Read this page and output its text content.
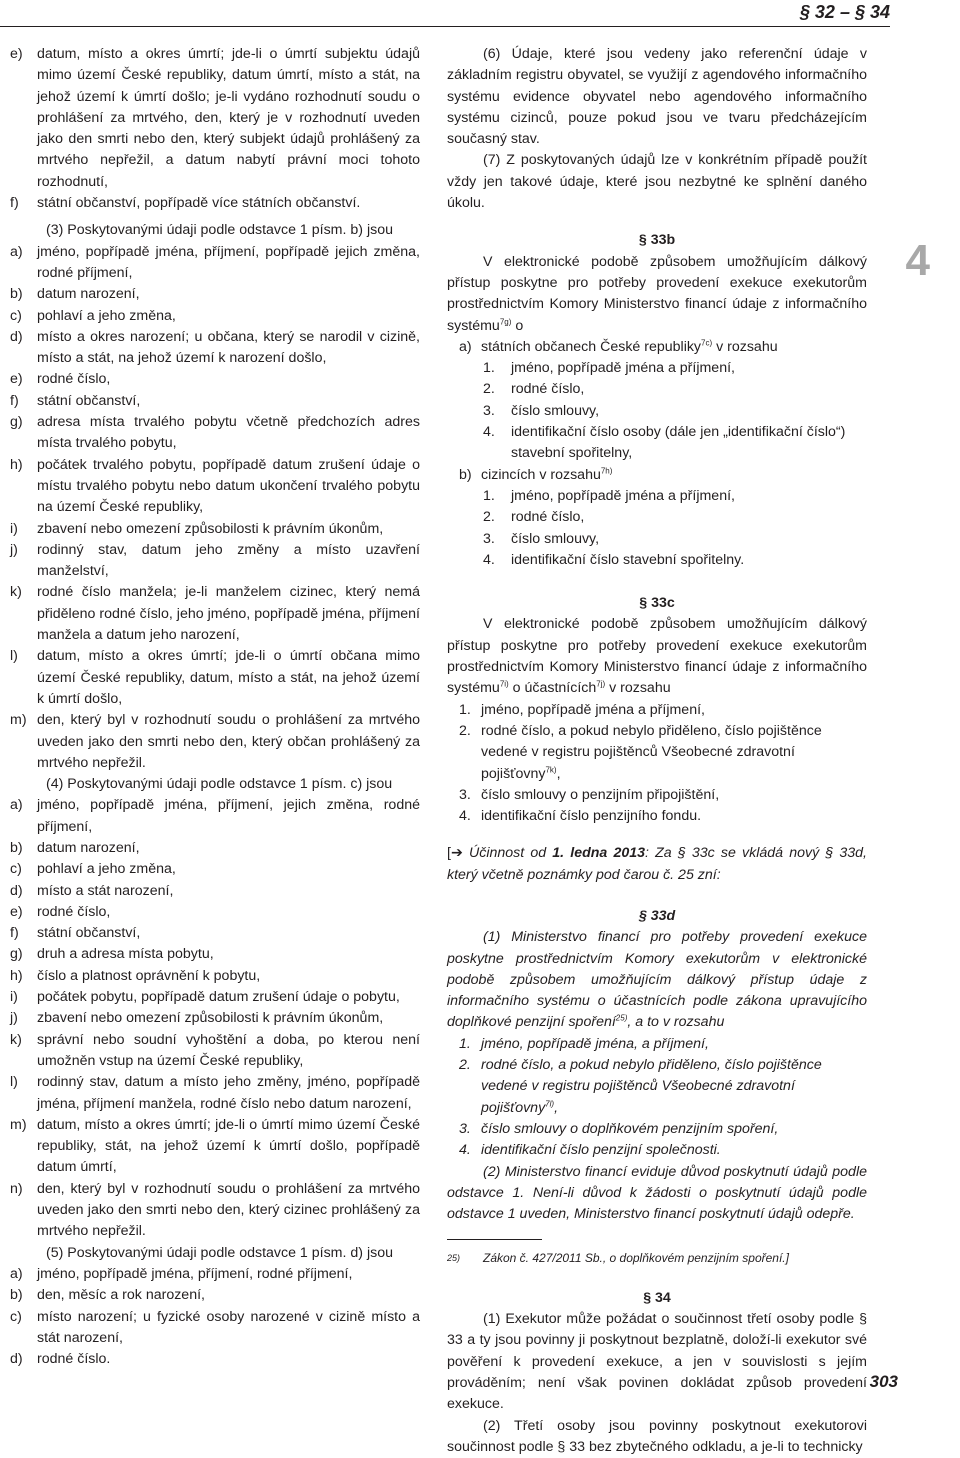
§ 32 – § 34
4
e)	datum, místo a okres úmrtí; jde-li o úmrtí subjektu údajů mimo území České republiky, datum úmrtí, místo a stát, na jehož území k úmrtí došlo; je-li vydáno rozhodnutí soudu o prohlášení za mrtvého, den, který je v rozhodnutí uveden jako den smrti nebo den, který subjekt údajů prohlášený za mrtvého nepřežil, a datum nabytí právní moci tohoto rozhodnutí,
f)	státní občanství, popřípadě více státních občanství.
(3) Poskytovanými údaji podle odstavce 1 písm. b) jsou
a)	jméno, popřípadě jména, příjmení, popřípadě jejich změna, rodné příjmení,
b)	datum narození,
c)	pohlaví a jeho změna,
d)	místo a okres narození; u občana, který se narodil v cizině, místo a stát, na jehož území k narození došlo,
e)	rodné číslo,
f)	státní občanství,
g)	adresa místa trvalého pobytu včetně předchozích adres místa trvalého pobytu,
h)	počátek trvalého pobytu, popřípadě datum zrušení údaje o místu trvalého pobytu nebo datum ukončení trvalého pobytu na území České republiky,
i)	zbavení nebo omezení způsobilosti k právním úkonům,
j)	rodinný stav, datum jeho změny a místo uzavření manželství,
k)	rodné číslo manžela; je-li manželem cizinec, který nemá přiděleno rodné číslo, jeho jméno, popřípadě jména, příjmení manžela a datum jeho narození,
l)	datum, místo a okres úmrtí; jde-li o úmrtí občana mimo území České republiky, datum, místo a stát, na jehož území k úmrtí došlo,
m) den, který byl v rozhodnutí soudu o prohlášení za mrtvého uveden jako den smrti nebo den, který občan prohlášený za mrtvého nepřežil.
(4) Poskytovanými údaji podle odstavce 1 písm. c) jsou
a)	jméno, popřípadě jména, příjmení, jejich změna, rodné příjmení,
b)	datum narození,
c)	pohlaví a jeho změna,
d)	místo a stát narození,
e)	rodné číslo,
f)	státní občanství,
g)	druh a adresa místa pobytu,
h)	číslo a platnost oprávnění k pobytu,
i)	počátek pobytu, popřípadě datum zrušení údaje o pobytu,
j)	zbavení nebo omezení způsobilosti k právním úkonům,
k)	správní nebo soudní vyhoštění a doba, po kterou není umožněn vstup na území České republiky,
l)	rodinný stav, datum a místo jeho změny, jméno, popřípadě jména, příjmení manžela, rodné číslo nebo datum narození,
m) datum, místo a okres úmrtí; jde-li o úmrtí mimo území České republiky, stát, na jehož území k úmrtí došlo, popřípadě datum úmrtí,
n)	den, který byl v rozhodnutí soudu o prohlášení za mrtvého uveden jako den smrti nebo den, který cizinec prohlášený za mrtvého nepřežil.
(5) Poskytovanými údaji podle odstavce 1 písm. d) jsou
a)	jméno, popřípadě jména, příjmení, rodné příjmení,
b)	den, měsíc a rok narození,
c)	místo narození; u fyzické osoby narozené v cizině místo a stát narození,
d)	rodné číslo.
(6) Údaje, které jsou vedeny jako referenční údaje v základním registru obyvatel, se využijí z agendového informačního systému evidence obyvatel nebo agendového informačního systému cizinců, pouze pokud jsou ve tvaru předcházejícím současný stav.
(7) Z poskytovaných údajů lze v konkrétním případě použít vždy jen takové údaje, které jsou nezbytné ke splnění daného úkolu.
§ 33b
V elektronické podobě způsobem umožňujícím dálkový přístup poskytne pro potřeby provedení exekuce exekutorům prostřednictvím Komory Ministerstvo financí údaje z informačního systému$^{7g)}$ o
a) státních občanech České republiky$^{7c)}$ v rozsahu
1.	jméno, popřípadě jména a příjmení,
2.	rodné číslo,
3.	číslo smlouvy,
4.	identifikační číslo osoby (dále jen „identifikační číslo“) stavební spořitelny,
b) cizincích v rozsahu$^{7h)}$
1.	jméno, popřípadě jména a příjmení,
2.	rodné číslo,
3.	číslo smlouvy,
4.	identifikační číslo stavební spořitelny.
§ 33c
V elektronické podobě způsobem umožňujícím dálkový přístup poskytne pro potřeby provedení exekuce exekutorům prostřednictvím Komory Ministerstvo financí údaje z informačního systému$^{7i)}$ o účastnících$^{7j)}$ v rozsahu
1. jméno, popřípadě jména a příjmení,
2. rodné číslo, a pokud nebylo přiděleno, číslo pojištěnce vedené v registru pojištěnců Všeobecné zdravotní pojišťovny$^{7k)}$,
3. číslo smlouvy o penzijním připojištění,
4. identifikační číslo penzijního fondu.
[➔ Účinnost od 1. ledna 2013: Za § 33c se vkládá nový § 33d, který včetně poznámky pod čarou č. 25 zní:
§ 33d
(1) Ministerstvo financí pro potřeby provedení exekuce poskytne prostřednictvím Komory exekutorům v elektronické podobě způsobem umožňujícím dálkový přístup údaje z informačního systému o účastnících podle zákona upravujícího doplňkové penzijní spoření$^{25)}$, a to v rozsahu
1. jméno, popřípadě jména, a příjmení,
2. rodné číslo, a pokud nebylo přiděleno, číslo pojištěnce vedené v registru pojištěnců Všeobecné zdravotní pojišťovny$^{7l)}$,
3. číslo smlouvy o doplňkovém penzijním spoření,
4. identifikační číslo penzijní společnosti.
(2) Ministerstvo financí eviduje důvod poskytnutí údajů podle odstavce 1. Není-li důvod k žádosti o poskytnutí údajů podle odstavce 1 uveden, Ministerstvo financí poskytnutí údajů odepře.
25)	Zákon č. 427/2011 Sb., o doplňkovém penzijním spoření.]
§ 34
(1) Exekutor může požádat o součinnost třetí osoby podle § 33 a ty jsou povinny ji poskytnout bezplatně, doloží-li exekutor své pověření k provedení exekuce, a jen v souvislosti s jejím prováděním; není však povinen dokládat způsob provedení exekuce.
(2) Třetí osoby jsou povinny poskytnout exekutorovi součinnost podle § 33 bez zbytečného odkladu, a je-li to technicky
303
